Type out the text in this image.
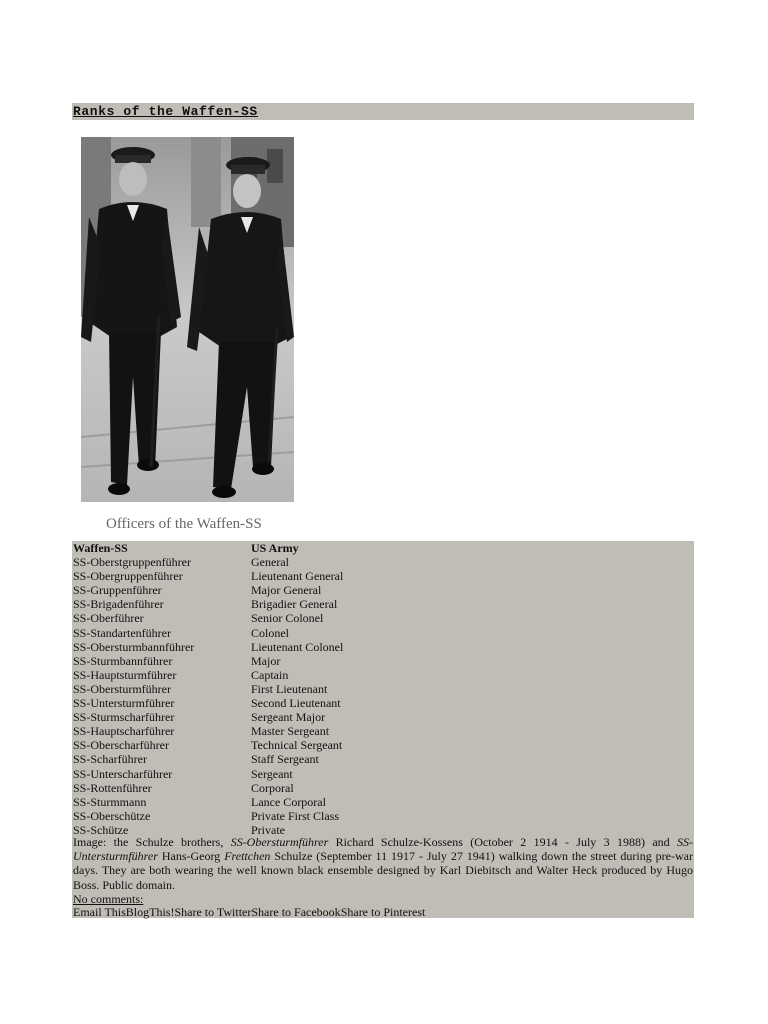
Ranks of the Waffen-SS
Officers of the Waffen-SS
Waffen-SS	US Army
SS-Oberstgruppenführer	General
SS-Obergruppenführer	Lieutenant General
SS-Gruppenführer	Major General
SS-Brigadenführer	Brigadier General
SS-Oberführer	Senior Colonel
SS-Standartenführer	Colonel
SS-Obersturmbannführer	Lieutenant Colonel
SS-Sturmbannführer	Major
SS-Hauptsturmführer	Captain
SS-Obersturmführer	First Lieutenant
SS-Untersturmführer	Second Lieutenant
SS-Sturmscharführer	Sergeant Major
SS-Hauptscharführer	Master Sergeant
SS-Oberscharführer	Technical Sergeant
SS-Scharführer	Staff Sergeant
SS-Unterscharführer	Sergeant
SS-Rottenführer	Corporal
SS-Sturmmann	Lance Corporal
SS-Oberschütze	Private First Class
SS-Schütze	Private
Image: the Schulze brothers, SS-Obersturmführer Richard Schulze-Kossens (October 2 1914 - July 3 1988) and SS-Untersturmführer Hans-Georg Frettchen Schulze (September 11 1917 - July 27 1941) walking down the street during pre-war days. They are both wearing the well known black ensemble designed by Karl Diebitsch and Walter Heck produced by Hugo Boss. Public domain.
No comments:
Email ThisBlogThis!Share to TwitterShare to FacebookShare to Pinterest
